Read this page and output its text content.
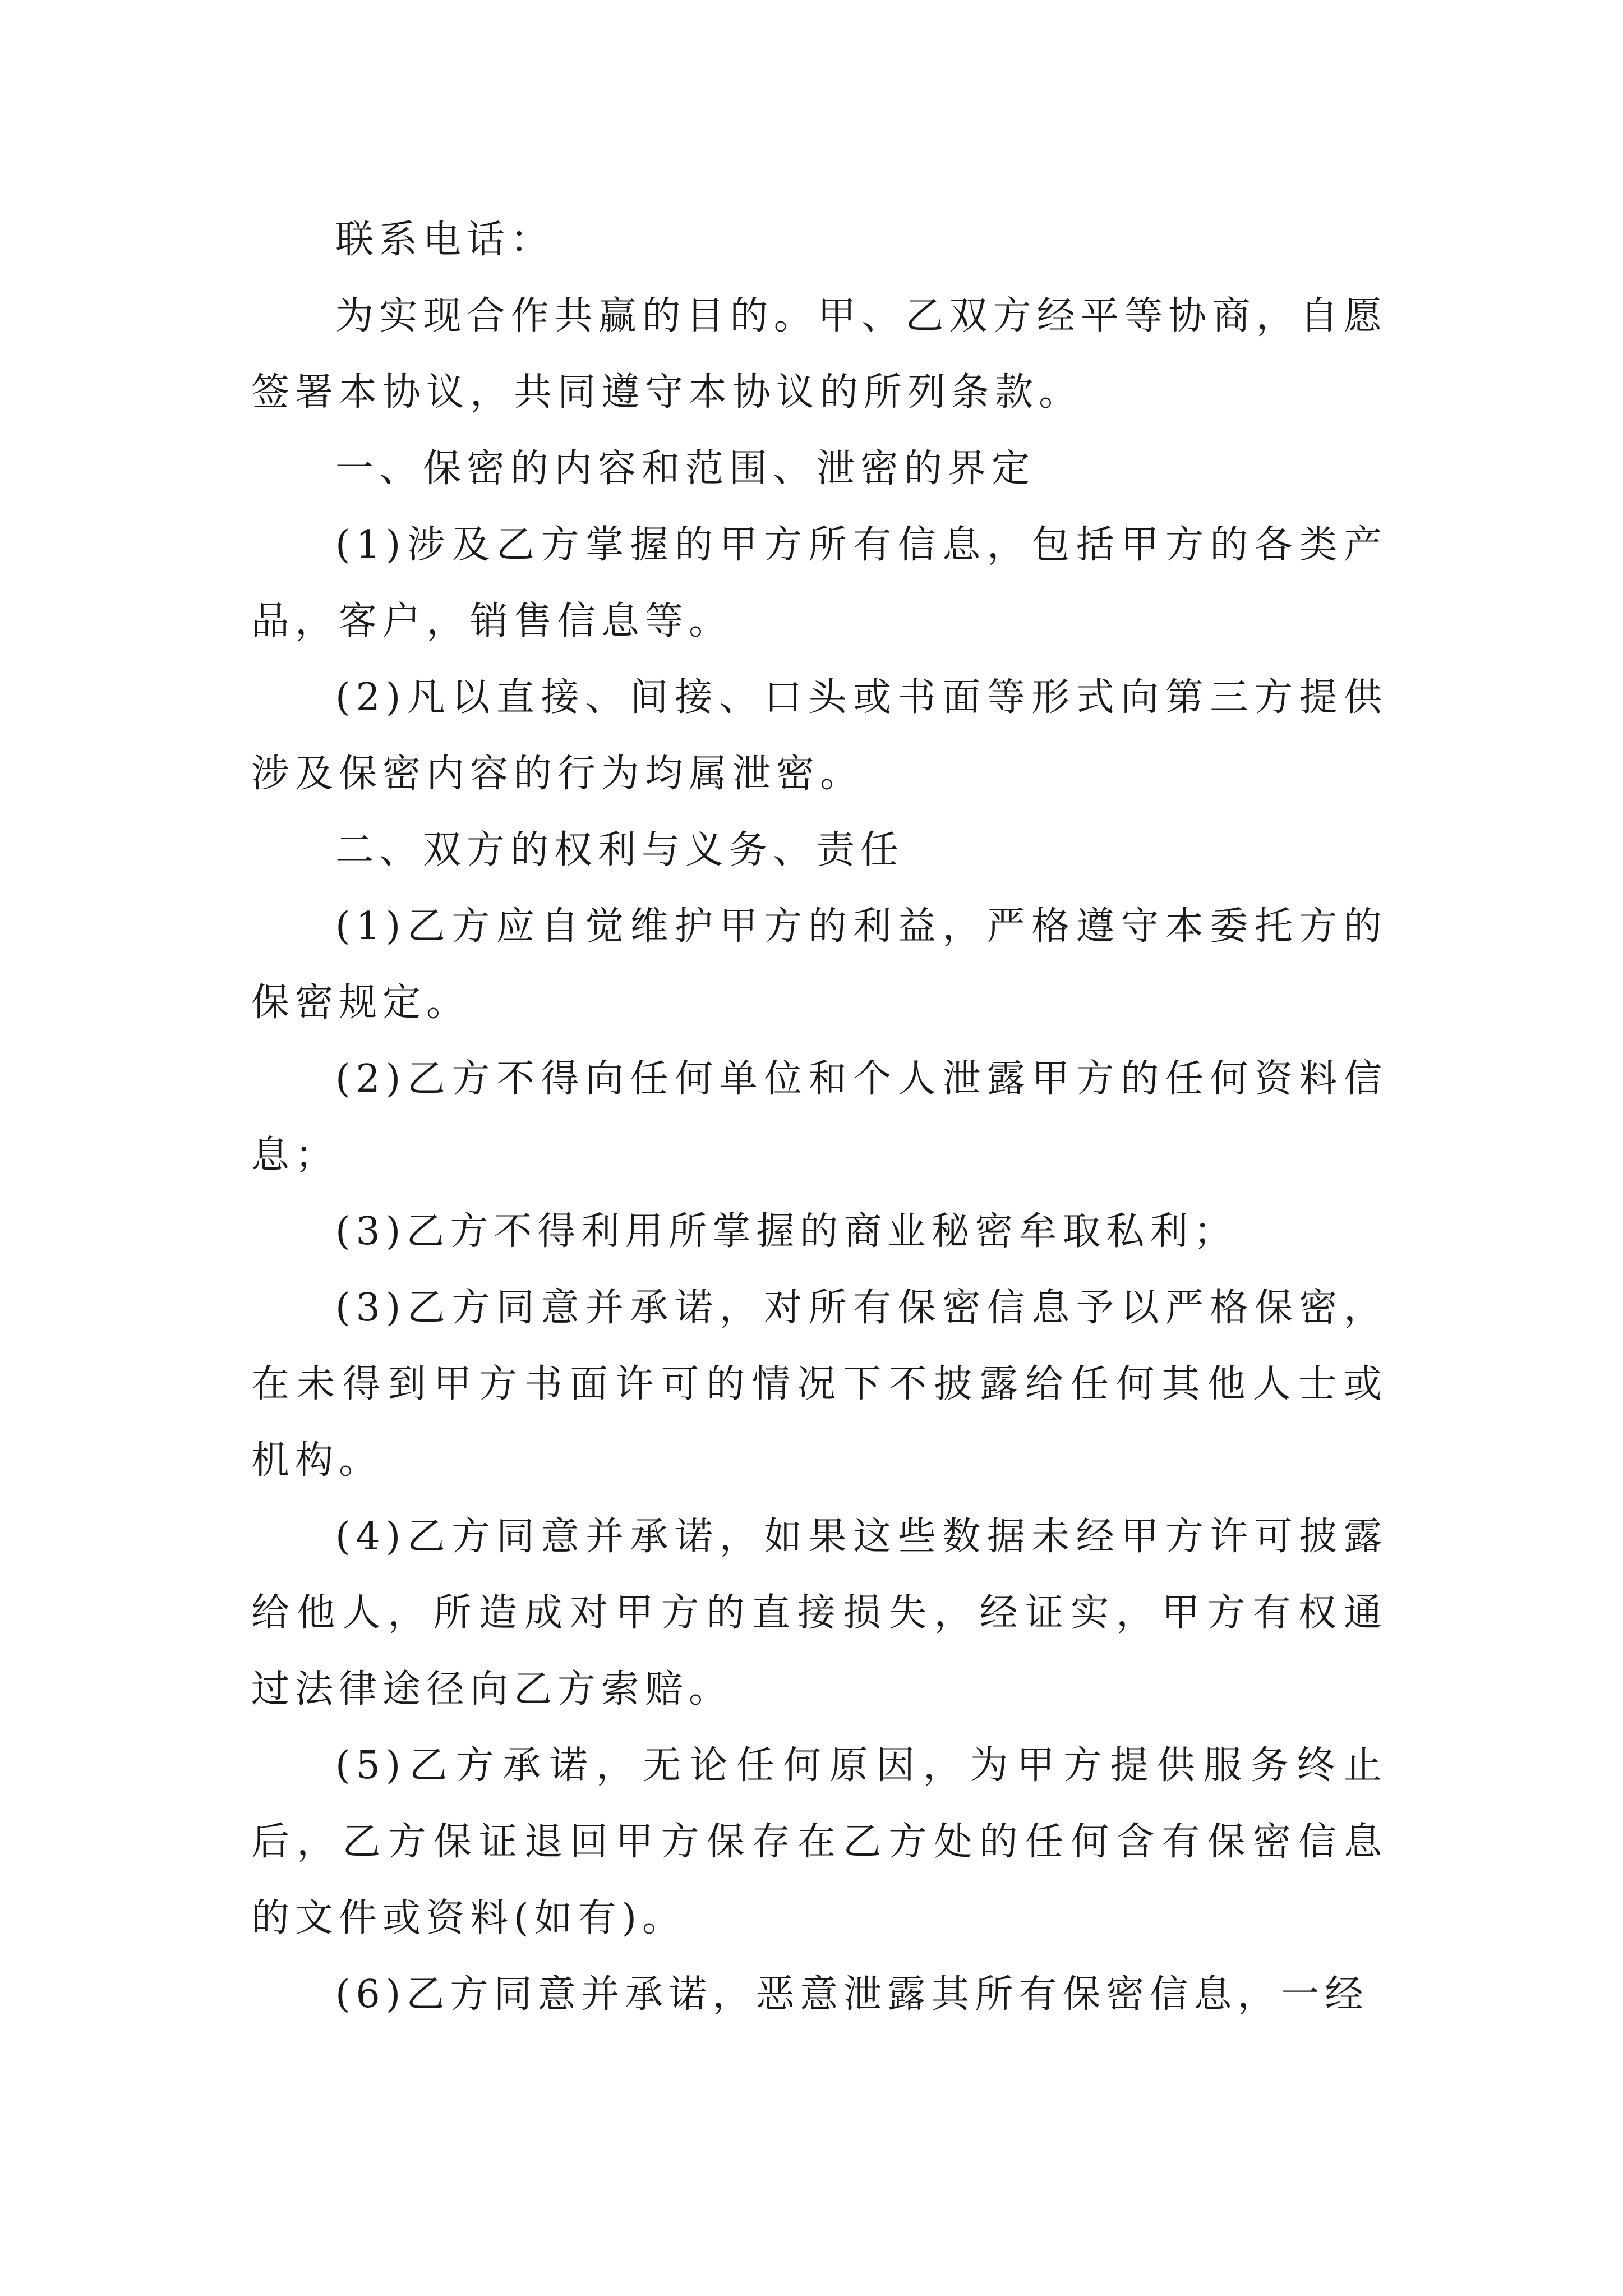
联系电话：

为实现合作共赢的目的。甲、乙双方经平等协商，自愿签署本协议，共同遵守本协议的所列条款。

一、保密的内容和范围、泄密的界定

(1)涉及乙方掌握的甲方所有信息，包括甲方的各类产品，客户，销售信息等。

(2)凡以直接、间接、口头或书面等形式向第三方提供涉及保密内容的行为均属泄密。

二、双方的权利与义务、责任

(1)乙方应自觉维护甲方的利益，严格遵守本委托方的保密规定。

(2)乙方不得向任何单位和个人泄露甲方的任何资料信息；

(3)乙方不得利用所掌握的商业秘密牟取私利；

(3)乙方同意并承诺，对所有保密信息予以严格保密，在未得到甲方书面许可的情况下不披露给任何其他人士或机构。

(4)乙方同意并承诺，如果这些数据未经甲方许可披露给他人，所造成对甲方的直接损失，经证实，甲方有权通过法律途径向乙方索赔。

(5)乙方承诺，无论任何原因，为甲方提供服务终止后，乙方保证退回甲方保存在乙方处的任何含有保密信息的文件或资料(如有)。

(6)乙方同意并承诺，恶意泄露其所有保密信息，一经
